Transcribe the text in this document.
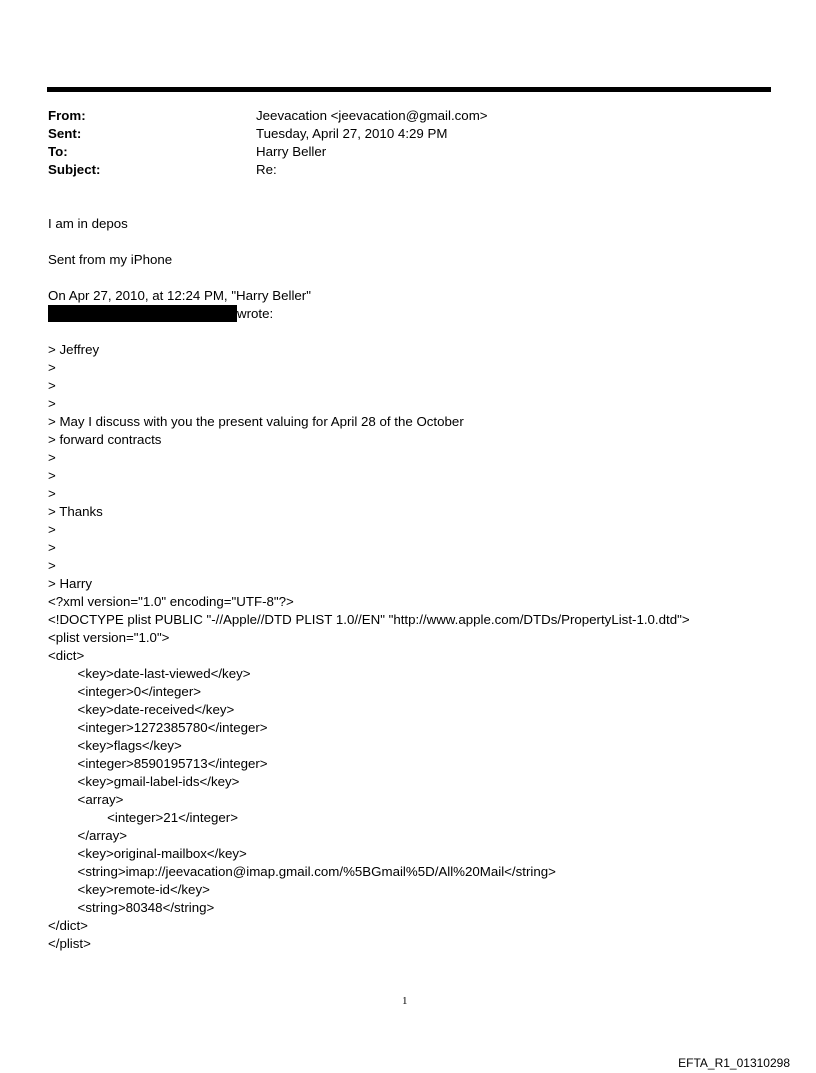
From:	Jeevacation <jeevacation@gmail.com>
Sent:	Tuesday, April 27, 2010 4:29 PM
To:	Harry Beller
Subject:	Re:
I am in depos
Sent from my iPhone
On Apr 27, 2010, at 12:24 PM, "Harry Beller"
wrote:
> Jeffrey
>
>
>
> May I discuss with you the present valuing for April 28 of the October
> forward contracts
>
>
>
> Thanks
>
>
>
> Harry
<?xml version="1.0" encoding="UTF-8"?>
<!DOCTYPE plist PUBLIC "-//Apple//DTD PLIST 1.0//EN" "http://www.apple.com/DTDs/PropertyList-1.0.dtd">
<plist version="1.0">
<dict>
<key>date-last-viewed</key>
<integer>0</integer>
<key>date-received</key>
<integer>1272385780</integer>
<key>flags</key>
<integer>8590195713</integer>
<key>gmail-label-ids</key>
<array>
<integer>21</integer>
</array>
<key>original-mailbox</key>
<string>imap://jeevacation@imap.gmail.com/%5BGmail%5D/All%20Mail</string>
<key>remote-id</key>
<string>80348</string>
</dict>
</plist>
1
EFTA_R1_01310298
